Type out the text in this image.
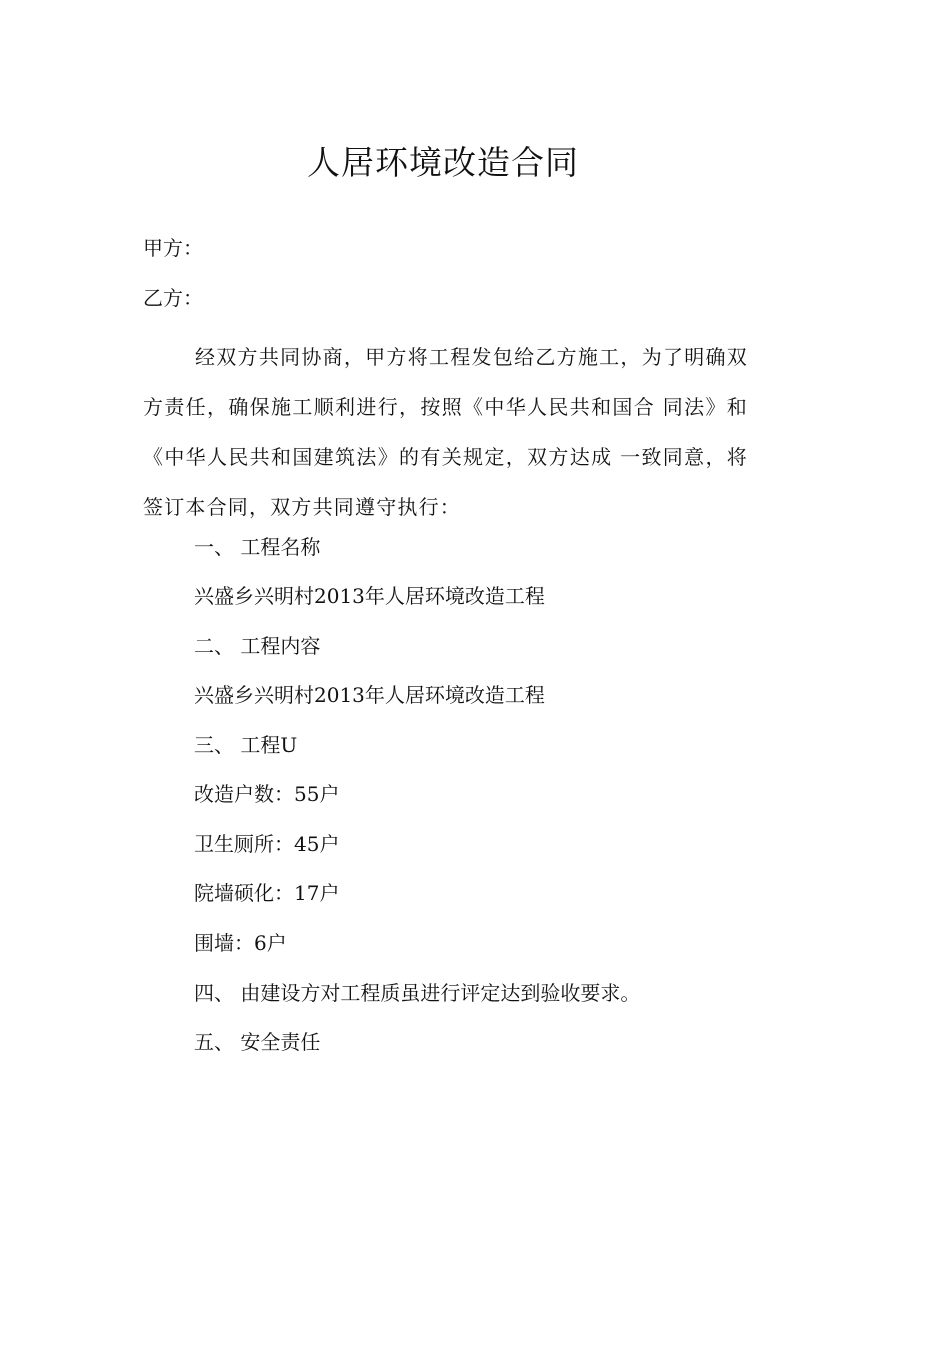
人居环境改造合同

甲方：

乙方：

经双方共同协商，甲方将工程发包给乙方施工，为了明确双方责任，确保施工顺利进行，按照《中华人民共和国合 同法》和《中华人民共和国建筑法》的有关规定，双方达成 一致同意，将签订本合同，双方共同遵守执行：

一、 工程名称

兴盛乡兴明村2013年人居环境改造工程

二、 工程内容

兴盛乡兴明村2013年人居环境改造工程

三、 工程U

改造户数：55户

卫生厕所：45户

院墙硕化：17户

围墙：6户

四、 由建设方对工程质虽进行评定达到验收要求。

五、 安全责任
